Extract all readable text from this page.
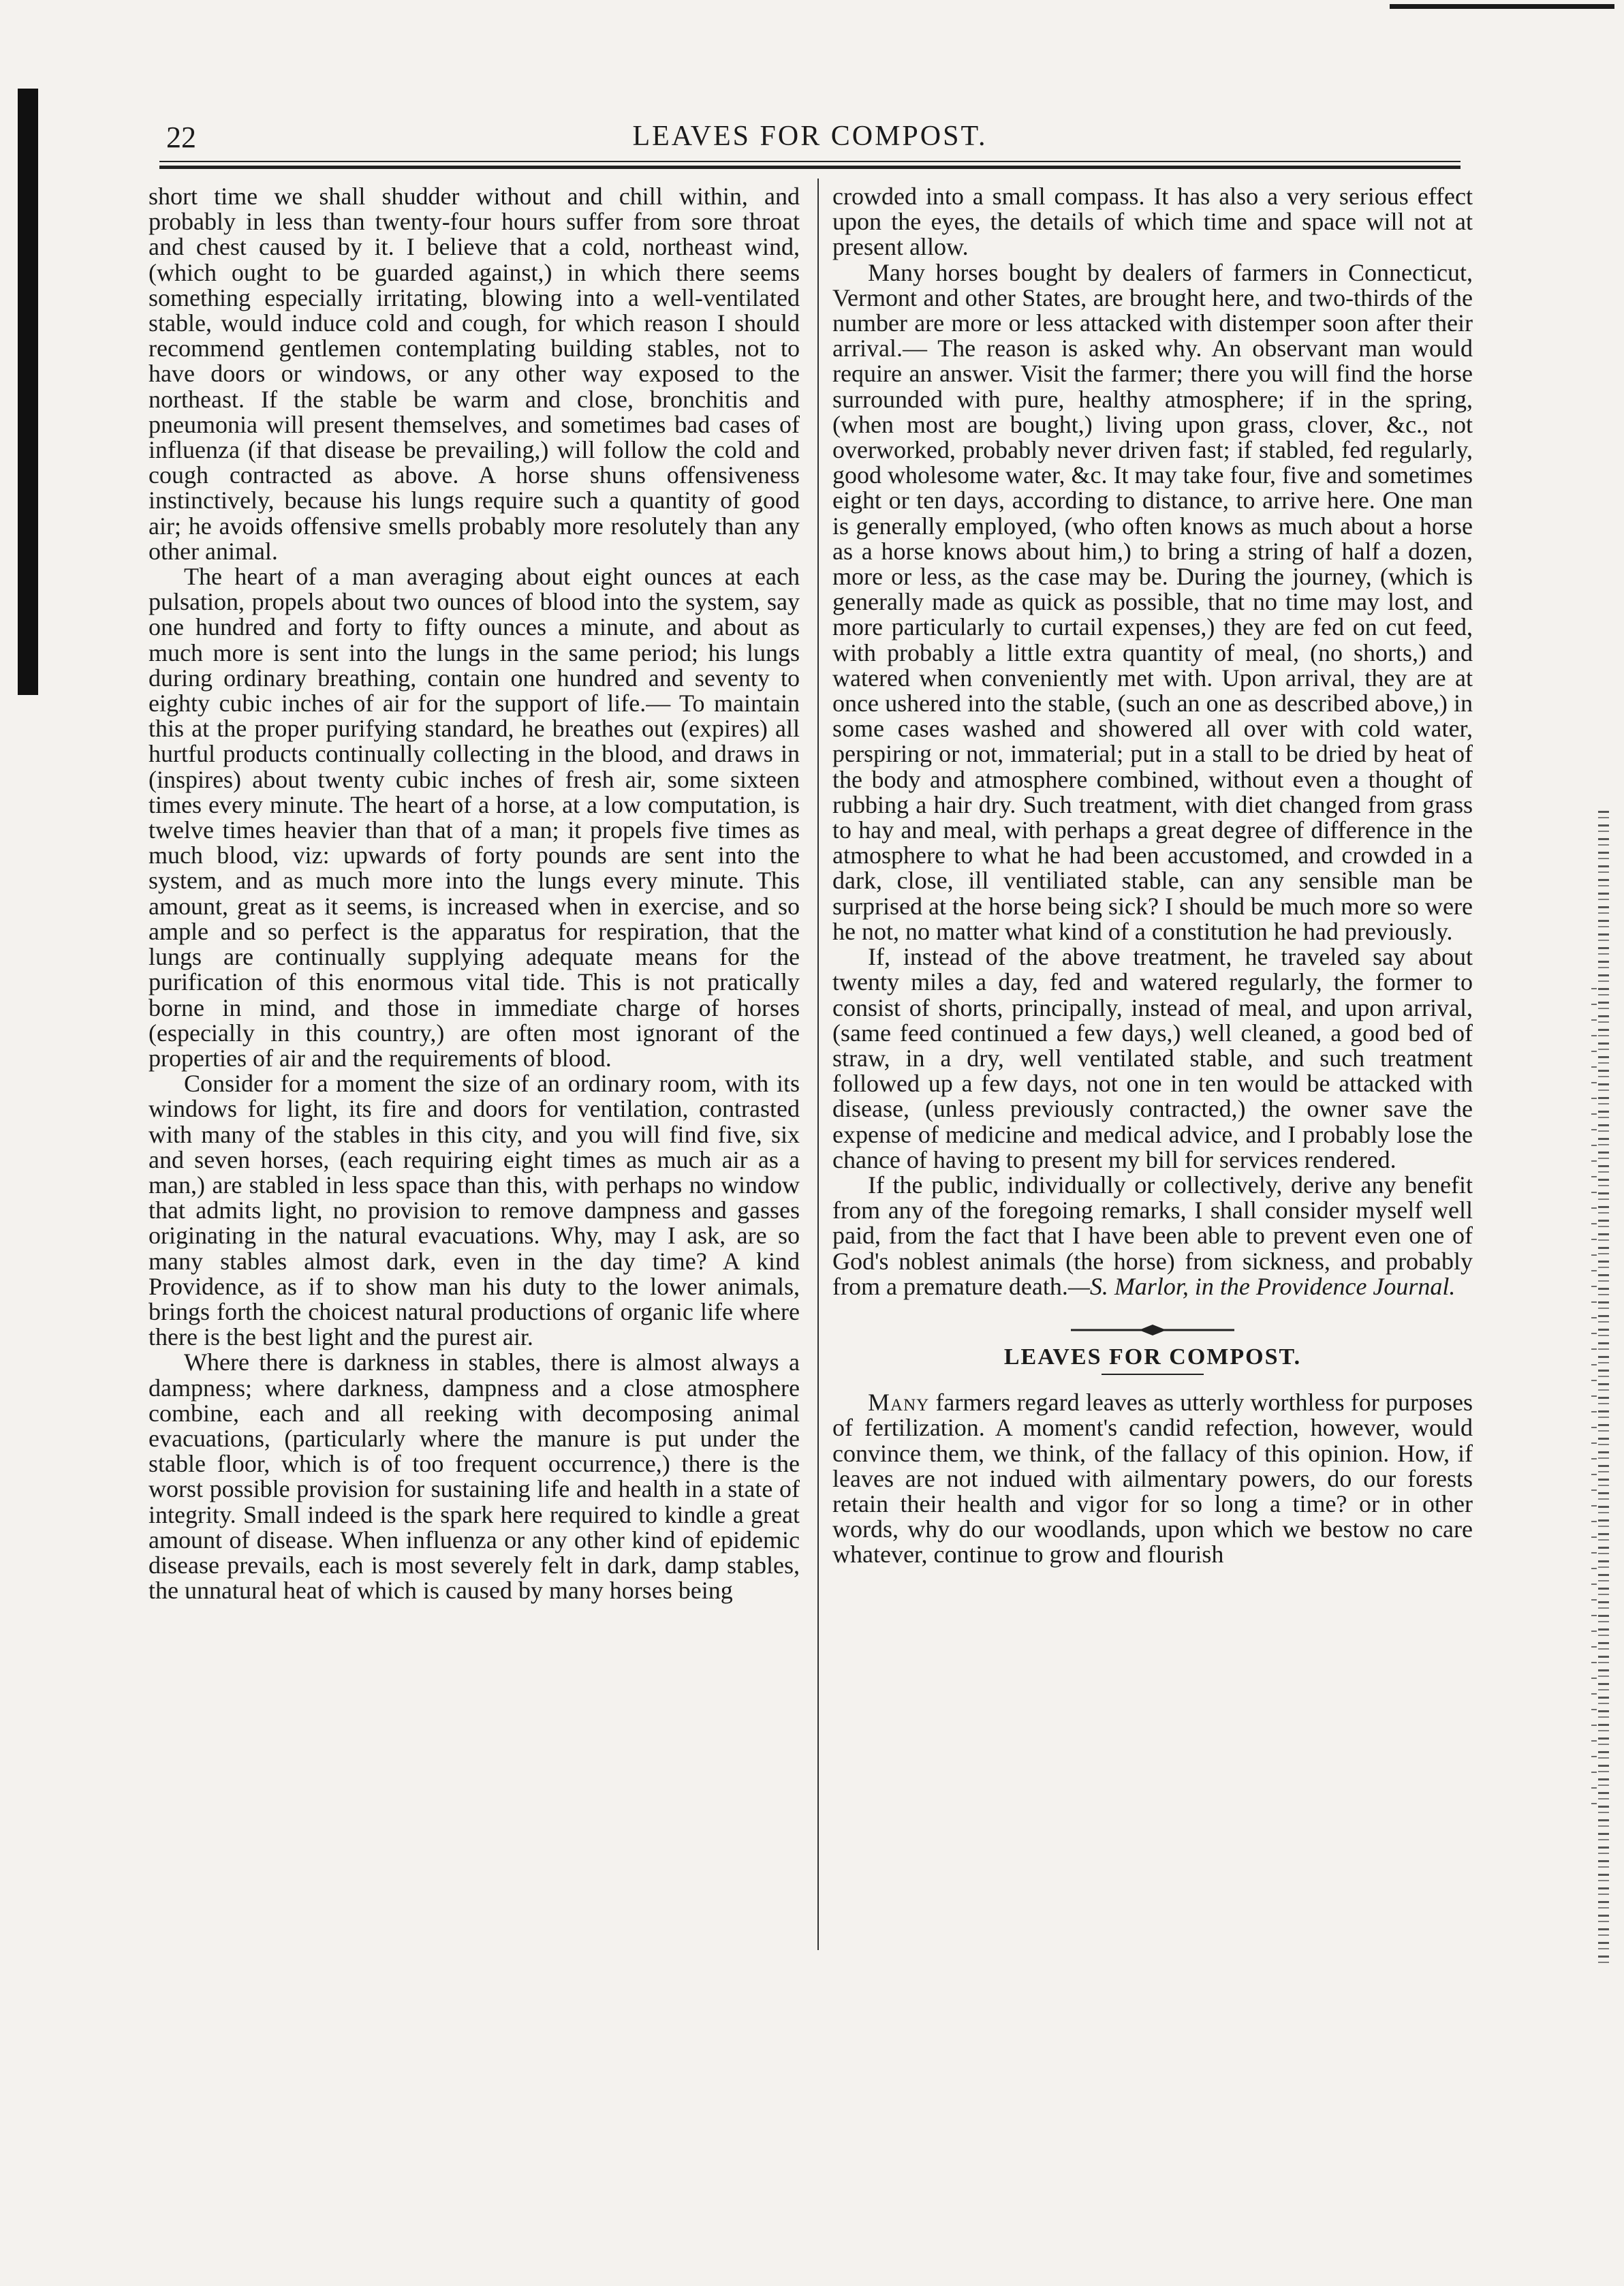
22	LEAVES FOR COMPOST.

short time we shall shudder without and chill within, and probably in less than twenty-four hours suffer from sore throat and chest caused by it. I believe that a cold, northeast wind, (which ought to be guarded against,) in which there seems something especially irritating, blowing into a well-ventilated stable, would induce cold and cough, for which reason I should recommend gentlemen contemplating building stables, not to have doors or windows, or any other way exposed to the northeast. If the stable be warm and close, bronchitis and pneumonia will present themselves, and sometimes bad cases of influenza (if that disease be prevailing,) will follow the cold and cough contracted as above. A horse shuns offensiveness instinctively, because his lungs require such a quantity of good air; he avoids offensive smells probably more resolutely than any other animal.

The heart of a man averaging about eight ounces at each pulsation, propels about two ounces of blood into the system, say one hundred and forty to fifty ounces a minute, and about as much more is sent into the lungs in the same period; his lungs during ordinary breathing, contain one hundred and seventy to eighty cubic inches of air for the support of life.— To maintain this at the proper purifying standard, he breathes out (expires) all hurtful products continually collecting in the blood, and draws in (inspires) about twenty cubic inches of fresh air, some sixteen times every minute. The heart of a horse, at a low computation, is twelve times heavier than that of a man; it propels five times as much blood, viz: upwards of forty pounds are sent into the system, and as much more into the lungs every minute. This amount, great as it seems, is increased when in exercise, and so ample and so perfect is the apparatus for respiration, that the lungs are continually supplying adequate means for the purification of this enormous vital tide. This is not pratically borne in mind, and those in immediate charge of horses (especially in this country,) are often most ignorant of the properties of air and the requirements of blood.

Consider for a moment the size of an ordinary room, with its windows for light, its fire and doors for ventilation, contrasted with many of the stables in this city, and you will find five, six and seven horses, (each requiring eight times as much air as a man,) are stabled in less space than this, with perhaps no window that admits light, no provision to remove dampness and gasses originating in the natural evacuations. Why, may I ask, are so many stables almost dark, even in the day time? A kind Providence, as if to show man his duty to the lower animals, brings forth the choicest natural productions of organic life where there is the best light and the purest air.

Where there is darkness in stables, there is almost always a dampness; where darkness, dampness and a close atmosphere combine, each and all reeking with decomposing animal evacuations, (particularly where the manure is put under the stable floor, which is of too frequent occurrence,) there is the worst possible provision for sustaining life and health in a state of integrity. Small indeed is the spark here required to kindle a great amount of disease. When influenza or any other kind of epidemic disease prevails, each is most severely felt in dark, damp stables, the unnatural heat of which is caused by many horses being

crowded into a small compass. It has also a very serious effect upon the eyes, the details of which time and space will not at present allow.

Many horses bought by dealers of farmers in Connecticut, Vermont and other States, are brought here, and two-thirds of the number are more or less attacked with distemper soon after their arrival.— The reason is asked why. An observant man would require an answer. Visit the farmer; there you will find the horse surrounded with pure, healthy atmosphere; if in the spring, (when most are bought,) living upon grass, clover, &c., not overworked, probably never driven fast; if stabled, fed regularly, good wholesome water, &c. It may take four, five and sometimes eight or ten days, according to distance, to arrive here. One man is generally employed, (who often knows as much about a horse as a horse knows about him,) to bring a string of half a dozen, more or less, as the case may be. During the journey, (which is generally made as quick as possible, that no time may lost, and more particularly to curtail expenses,) they are fed on cut feed, with probably a little extra quantity of meal, (no shorts,) and watered when conveniently met with. Upon arrival, they are at once ushered into the stable, (such an one as described above,) in some cases washed and showered all over with cold water, perspiring or not, immaterial; put in a stall to be dried by heat of the body and atmosphere combined, without even a thought of rubbing a hair dry. Such treatment, with diet changed from grass to hay and meal, with perhaps a great degree of difference in the atmosphere to what he had been accustomed, and crowded in a dark, close, ill ventiliated stable, can any sensible man be surprised at the horse being sick? I should be much more so were he not, no matter what kind of a constitution he had previously.

If, instead of the above treatment, he traveled say about twenty miles a day, fed and watered regularly, the former to consist of shorts, principally, instead of meal, and upon arrival, (same feed continued a few days,) well cleaned, a good bed of straw, in a dry, well ventilated stable, and such treatment followed up a few days, not one in ten would be attacked with disease, (unless previously contracted,) the owner save the expense of medicine and medical advice, and I probably lose the chance of having to present my bill for services rendered.

If the public, individually or collectively, derive any benefit from any of the foregoing remarks, I shall consider myself well paid, from the fact that I have been able to prevent even one of God's noblest animals (the horse) from sickness, and probably from a premature death.—S. Marlor, in the Providence Journal.

LEAVES FOR COMPOST.

Many farmers regard leaves as utterly worthless for purposes of fertilization. A moment's candid refection, however, would convince them, we think, of the fallacy of this opinion. How, if leaves are not indued with ailmentary powers, do our forests retain their health and vigor for so long a time? or in other words, why do our woodlands, upon which we bestow no care whatever, continue to grow and flourish
